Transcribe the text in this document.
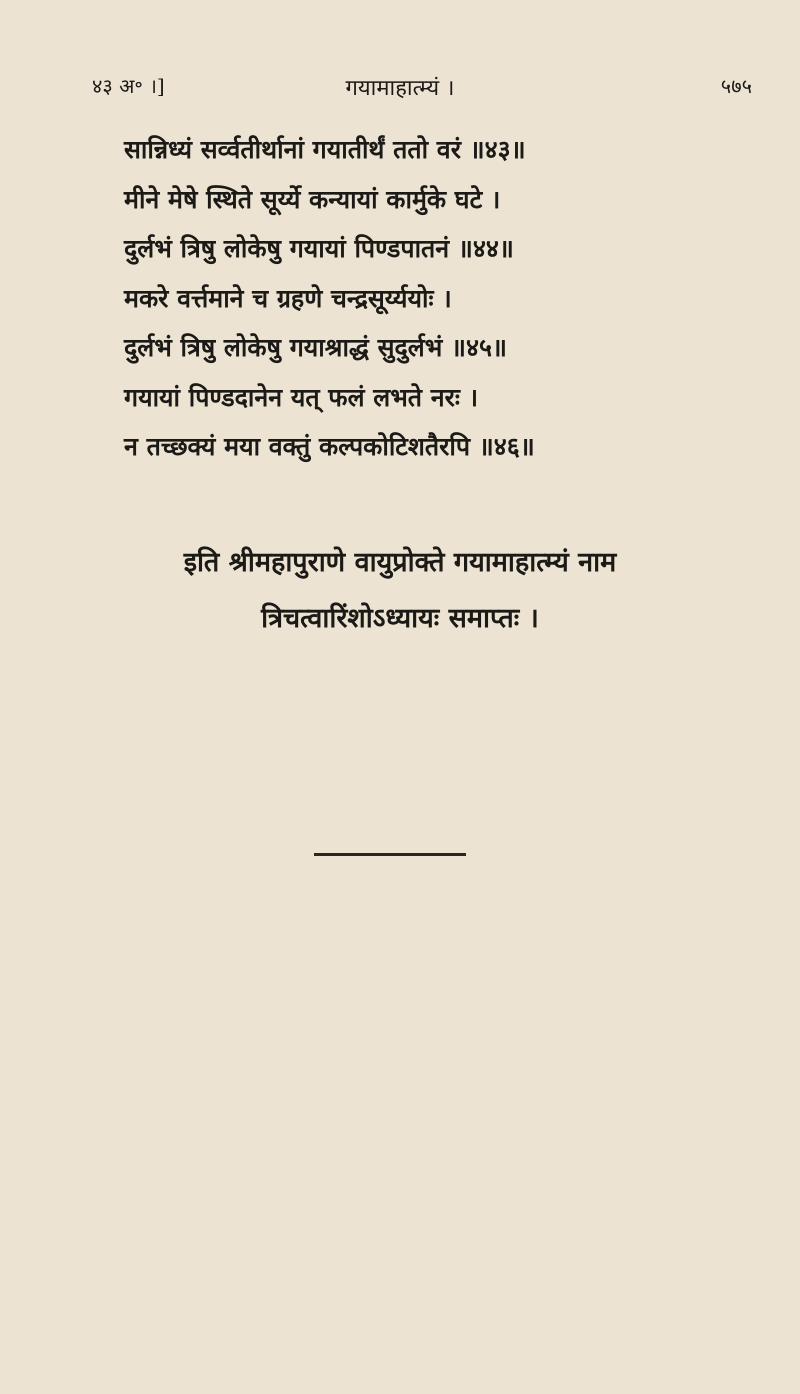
४३ अ॰ ।]	गयामाहात्म्यं ।	५७५
सान्निध्यं सर्व्वतीर्थानां गयातीर्थं ततो वरं ॥४३॥
मीने मेषे स्थिते सूर्य्ये कन्यायां कार्मुके घटे ।
दुर्लभं त्रिषु लोकेषु गयायां पिण्डपातनं ॥४४॥
मकरे वर्त्तमाने च ग्रहणे चन्द्रसूर्य्ययोः ।
दुर्लभं त्रिषु लोकेषु गयाश्राद्धं सुदुर्लभं ॥४५॥
गयायां पिण्डदानेन यत् फलं लभते नरः ।
न तच्छक्यं मया वक्तुं कल्पकोटिशतैरपि ॥४६॥
इति श्रीमहापुराणे वायुप्रोक्ते गयामाहात्म्यं नाम
त्रिचत्वारिंशोऽध्यायः समाप्तः ।
